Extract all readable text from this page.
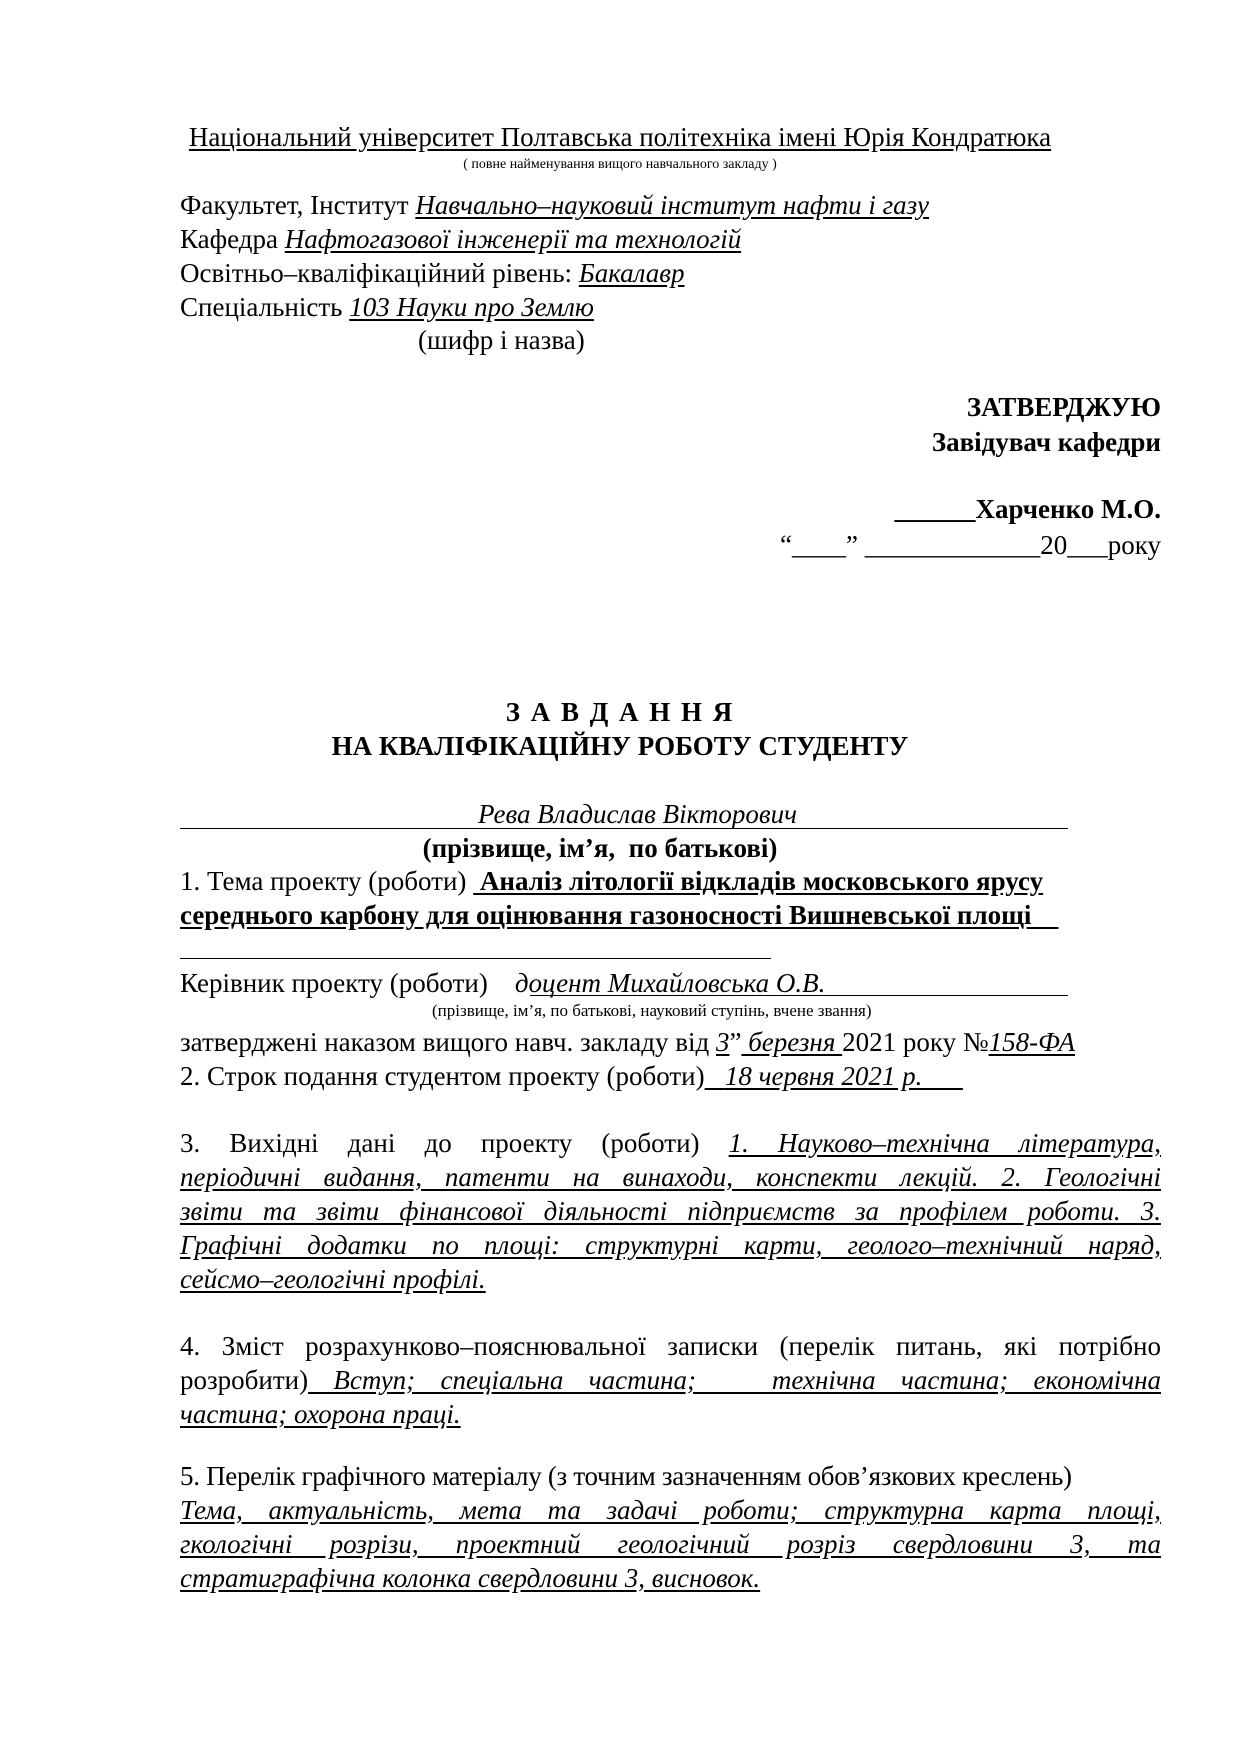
Національний університет Полтавська політехніка імені Юрія Кондратюка
( повне найменування вищого навчального закладу )
Факультет, Інститут Навчально–науковий інститут нафти і газу
Кафедра Нафтогазової інженерії та технологій
Освітньо–кваліфікаційний рівень: Бакалавр
Спеціальність 103 Науки про Землю
(шифр і назва)
ЗАТВЕРДЖУЮ
Завідувач кафедри
______Харченко М.О.
“____” _____________20___року
З А В Д А Н Н Я
НА КВАЛІФІКАЦІЙНУ РОБОТУ СТУДЕНТУ
Рева Владислав Вікторович
(прізвище, ім’я,  по батькові)
1. Тема проекту (роботи)  Аналіз літології відкладів московського ярусу
середнього карбону для оцінювання газоносності Вишневської площі
Керівник проекту (роботи)    доцент Михайловська О.В.
(прізвище, ім’я, по батькові, науковий ступінь, вчене звання)
затверджені наказом вищого навч. закладу від 3” березня 2021 року №158-ФА
2. Строк подання студентом проекту (роботи) 18 червня 2021 р.
3. Вихідні дані до проекту (роботи) 1. Науково–технічна література,
періодичні видання, патенти на винаходи, конспекти лекцій. 2. Геологічні
звіти та звіти фінансової діяльності підприємств за профілем роботи. 3.
Графічні додатки по площі: структурні карти, геолого–технічний наряд,
сейсмо–геологічні профілі.
4. Зміст розрахунково–пояснювальної записки (перелік питань, які потрібно
розробити) Вступ; спеціальна частина;   технічна частина; економічна
частина; охорона праці.
5. Перелік графічного матеріалу (з точним зазначенням обов’язкових креслень)
Тема, актуальність, мета та задачі роботи; структурна карта площі,
гкологічні розрізи, проектний геологічний розріз свердловини 3, та
стратиграфічна колонка свердловини 3, висновок.
